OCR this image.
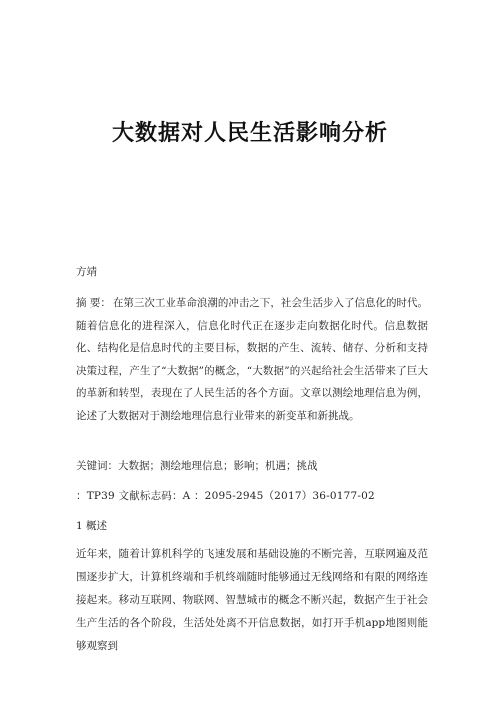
大数据对人民生活影响分析
方靖
摘 要： 在第三次工业革命浪潮的冲击之下，社会生活步入了信息化的时代。随着信息化的进程深入，信息化时代正在逐步走向数据化时代。信息数据化、结构化是信息时代的主要目标，数据的产生、流转、储存、分析和支持决策过程，产生了“大数据”的概念，“大数据”的兴起给社会生活带来了巨大的革新和转型，表现在了人民生活的各个方面。文章以测绘地理信息为例，论述了大数据对于测绘地理信息行业带来的新变革和新挑战。
关键词：大数据；测绘地理信息；影响；机遇；挑战
：TP39 文献标志码：A ：2095-2945（2017）36-0177-02
1 概述
近年来，随着计算机科学的飞速发展和基础设施的不断完善，互联网遍及范围逐步扩大，计算机终端和手机终端随时能够通过无线网络和有限的网络连接起来。移动互联网、物联网、智慧城市的概念不断兴起，数据产生于社会生产生活的各个阶段，生活处处离不开信息数据，如打开手机app地图则能够观察到
